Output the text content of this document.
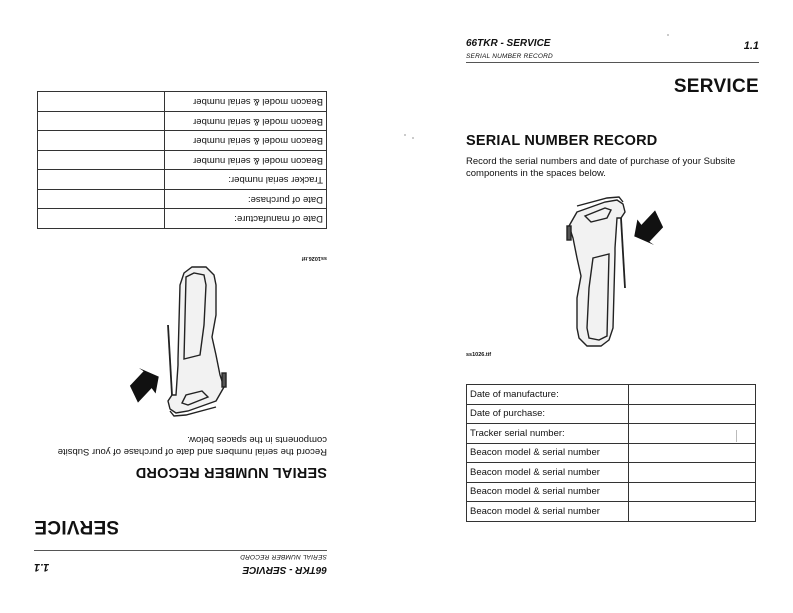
66TKR - SERVICE
SERIAL NUMBER RECORD
1.1
SERVICE
SERIAL NUMBER RECORD
Record the serial numbers and date of purchase of your Subsite components in the spaces below.
ss1026.tif
Date of manufacture:	
Date of purchase:	
Tracker serial number:	
Beacon model & serial number	
Beacon model & serial number	
Beacon model & serial number	
Beacon model & serial number	
66TKR - SERVICE
SERIAL NUMBER RECORD
1.1
SERVICE
SERIAL NUMBER RECORD
Record the serial numbers and date of purchase of your Subsite components in the spaces below.
ss1026.tif
Date of manufacture:	
Date of purchase:	
Tracker serial number:	
Beacon model & serial number	
Beacon model & serial number	
Beacon model & serial number	
Beacon model & serial number	
